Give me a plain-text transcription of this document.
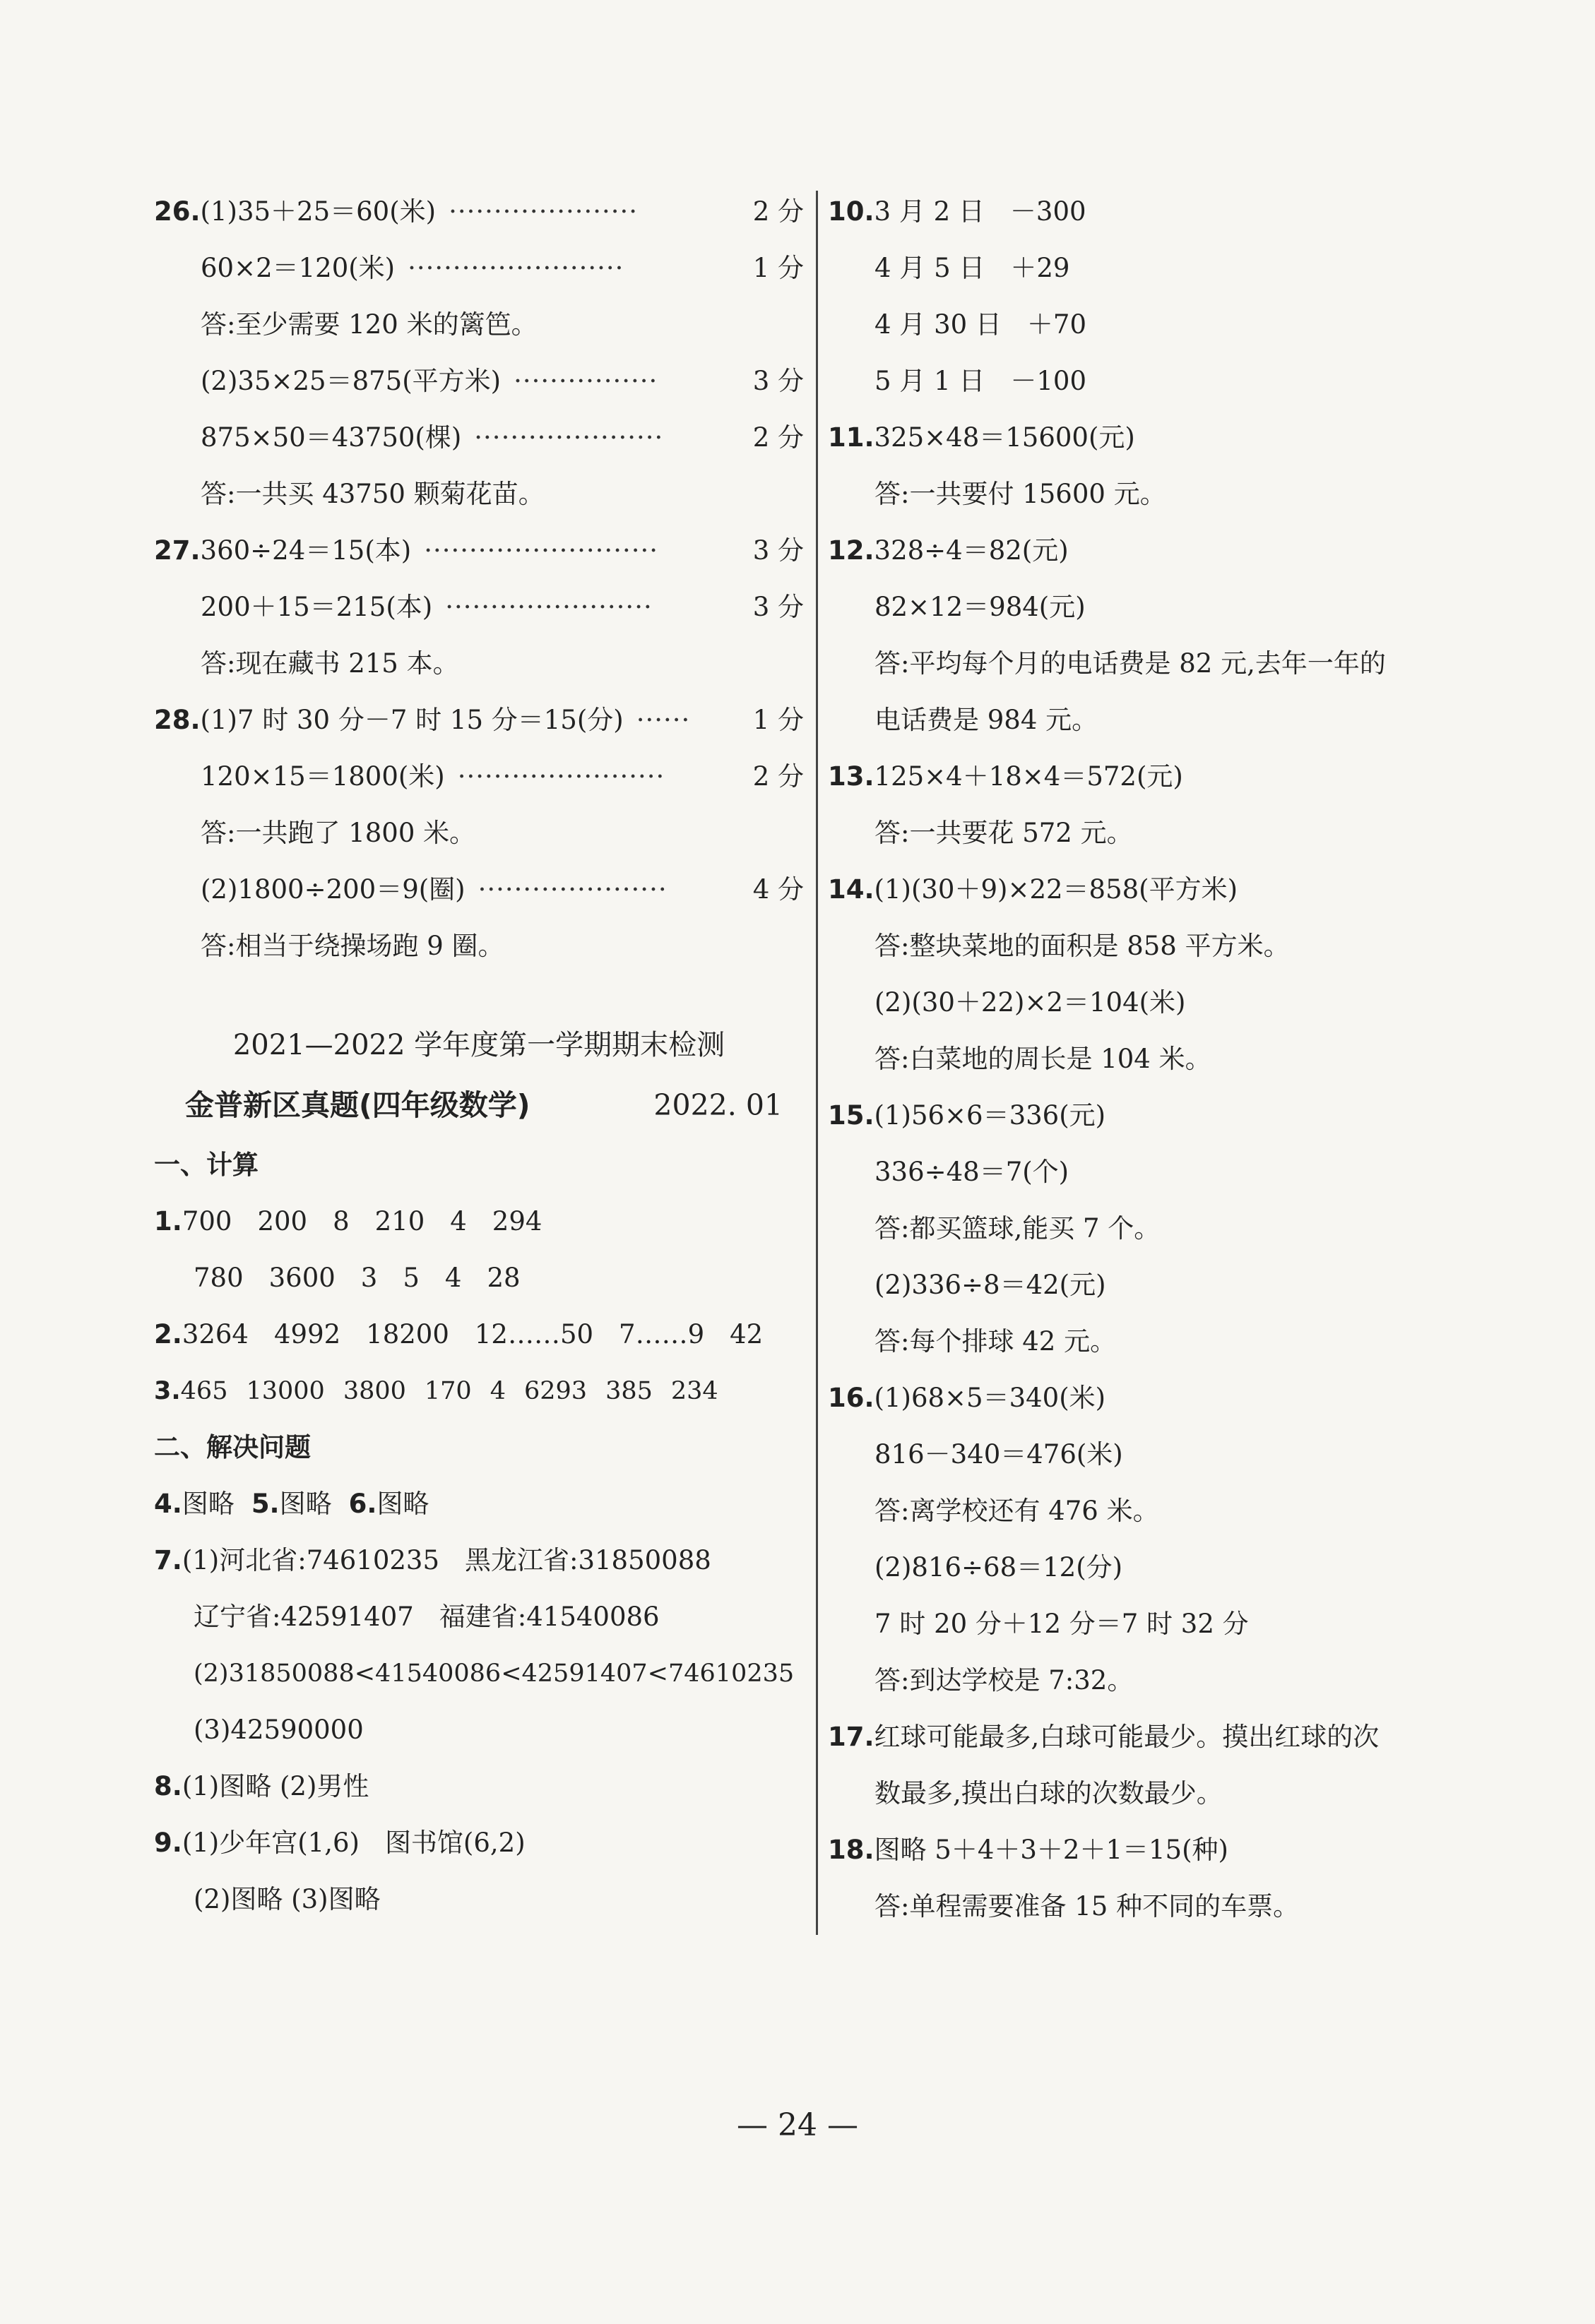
26.(1)35＋25＝60(米) ·····················	2 分
60×2＝120(米) ························	1 分
答:至少需要 120 米的篱笆。
(2)35×25＝875(平方米) ················	3 分
875×50＝43750(棵) ·····················	2 分
答:一共买 43750 颗菊花苗。
27.360÷24＝15(本) ··························	3 分
200＋15＝215(本) ·······················	3 分
答:现在藏书 215 本。
28.(1)7 时 30 分－7 时 15 分＝15(分) ······ 1 分
120×15＝1800(米) ·······················	2 分
答:一共跑了 1800 米。
(2)1800÷200＝9(圈) ·····················	4 分
答:相当于绕操场跑 9 圈。
2021—2022 学年度第一学期期末检测
金普新区真题(四年级数学)	2022. 01
一、计算
1.700 200 8 210 4 294
780 3600 3 5 4 28
2.3264 4992 18200 12……50 7……9 42
3.465 13000 3800 170 4 6293 385 234
二、解决问题
4.图略 5.图略 6.图略
7.(1)河北省:74610235 黑龙江省:31850088
辽宁省:42591407 福建省:41540086
(2)31850088<41540086<42591407<74610235
(3)42590000
8.(1)图略 (2)男性
9.(1)少年宫(1,6) 图书馆(6,2)
(2)图略 (3)图略
10.3 月 2 日 －300
4 月 5 日 ＋29
4 月 30 日 ＋70
5 月 1 日 －100
11.325×48＝15600(元)
答:一共要付 15600 元。
12.328÷4＝82(元)
82×12＝984(元)
答:平均每个月的电话费是 82 元,去年一年的
电话费是 984 元。
13.125×4＋18×4＝572(元)
答:一共要花 572 元。
14.(1)(30＋9)×22＝858(平方米)
答:整块菜地的面积是 858 平方米。
(2)(30＋22)×2＝104(米)
答:白菜地的周长是 104 米。
15.(1)56×6＝336(元)
336÷48＝7(个)
答:都买篮球,能买 7 个。
(2)336÷8＝42(元)
答:每个排球 42 元。
16.(1)68×5＝340(米)
816－340＝476(米)
答:离学校还有 476 米。
(2)816÷68＝12(分)
7 时 20 分＋12 分＝7 时 32 分
答:到达学校是 7:32。
17.红球可能最多,白球可能最少。摸出红球的次
数最多,摸出白球的次数最少。
18.图略 5＋4＋3＋2＋1＝15(种)
答:单程需要准备 15 种不同的车票。
— 24 —
